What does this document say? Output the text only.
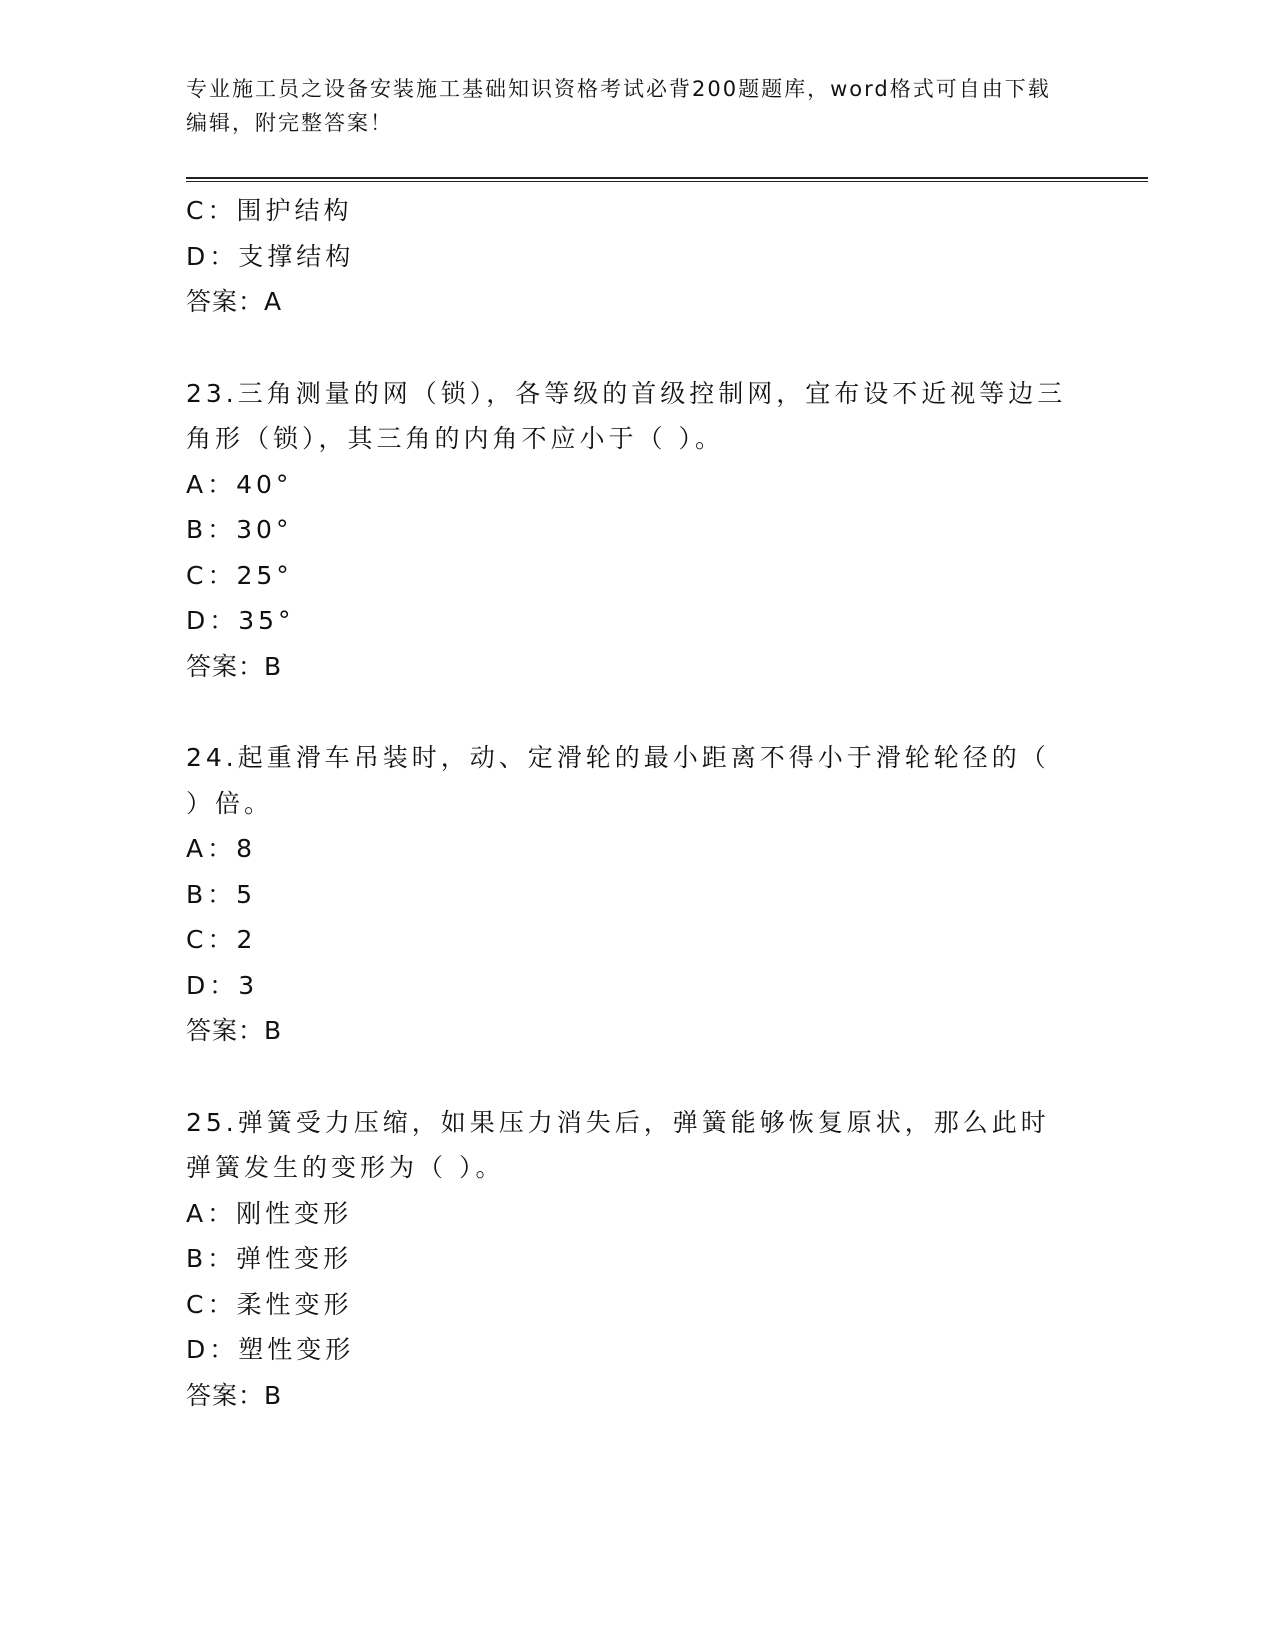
专业施工员之设备安装施工基础知识资格考试必背200题题库，word格式可自由下载编辑，附完整答案！
C：围护结构
D：支撑结构
答案：A
23.三角测量的网（锁），各等级的首级控制网，宜布设不近视等边三角形（锁），其三角的内角不应小于（ ）。
A：40°
B：30°
C：25°
D：35°
答案：B
24.起重滑车吊装时，动、定滑轮的最小距离不得小于滑轮轮径的（ ）倍。
A：8
B：5
C：2
D：3
答案：B
25.弹簧受力压缩，如果压力消失后，弹簧能够恢复原状，那么此时弹簧发生的变形为（ ）。
A：刚性变形
B：弹性变形
C：柔性变形
D：塑性变形
答案：B
